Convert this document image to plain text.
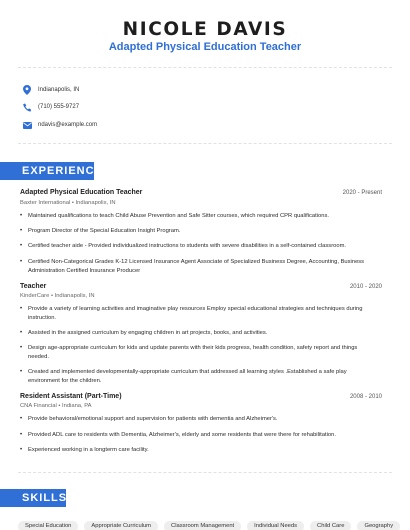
NICOLE DAVIS
Adapted Physical Education Teacher
Indianapolis, IN
(710) 555-9727
ndavis@example.com
EXPERIENCE
Adapted Physical Education Teacher	2020 - Present
Baxter International • Indianapolis, IN
•	Maintained qualifications to teach Child Abuse Prevention and Safe Sitter courses, which required CPR qualifications.
•	Program Director of the Special Education Insight Program.
•	Certified teacher aide - Provided individualized instructions to students with severe disabilities in a self-contained classroom.
•	Certified Non-Categorical Grades K-12 Licensed Insurance Agent Associate of Specialized Business Degree, Accounting, Business Administration Certified Insurance Producer
Teacher	2010 - 2020
KinderCare • Indianapolis, IN
•	Provide a variety of learning activities and imaginative play resources Employ special educational strategies and techniques during instruction.
•	Assisted in the assigned curriculum by engaging children in art projects, books, and activities.
•	Design age-appropriate curriculum for kids and update parents with their kids progress, health condition, safety report and things needed.
•	Created and implemented developmentally-appropriate curriculum that addressed all learning styles .Established a safe play environment for the children.
Resident Assistant (Part-Time)	2008 - 2010
CNA Financial • Indiana, PA
•	Provide behavioral/emotional support and supervision for patients with dementia and Alzheimer's.
•	Provided ADL care to residents with Dementia, Alzheimer's, elderly and some residents that were there for rehabilitation.
•	Experienced working in a longterm care facility.
SKILLS
Special Education	Appropriate Curriculum	Classroom Management	Individual Needs	Child Care	Geography
